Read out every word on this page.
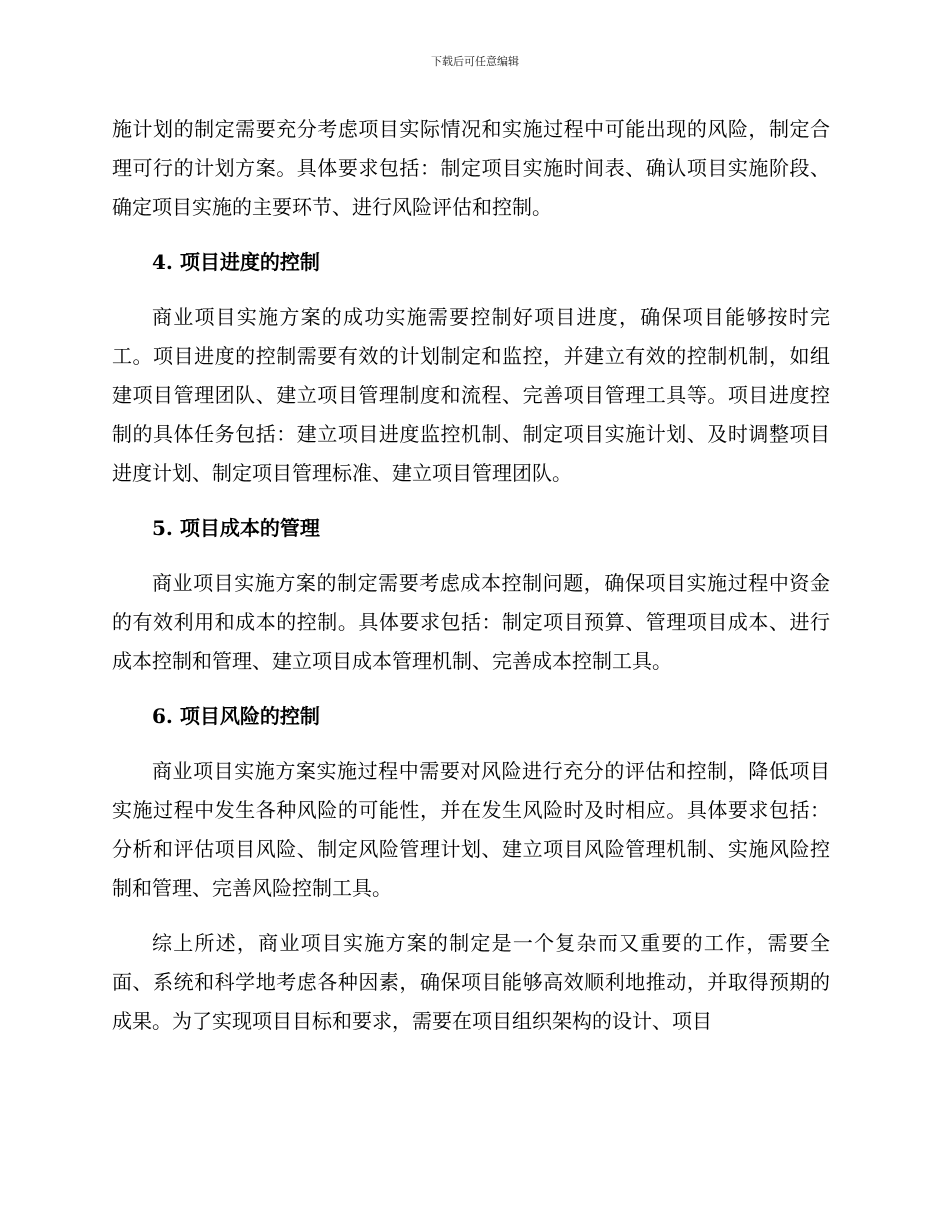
下载后可任意编辑

施计划的制定需要充分考虑项目实际情况和实施过程中可能出现的风险，制定合理可行的计划方案。具体要求包括：制定项目实施时间表、确认项目实施阶段、确定项目实施的主要环节、进行风险评估和控制。

4. 项目进度的控制

商业项目实施方案的成功实施需要控制好项目进度，确保项目能够按时完工。项目进度的控制需要有效的计划制定和监控，并建立有效的控制机制，如组建项目管理团队、建立项目管理制度和流程、完善项目管理工具等。项目进度控制的具体任务包括：建立项目进度监控机制、制定项目实施计划、及时调整项目进度计划、制定项目管理标准、建立项目管理团队。

5. 项目成本的管理

商业项目实施方案的制定需要考虑成本控制问题，确保项目实施过程中资金的有效利用和成本的控制。具体要求包括：制定项目预算、管理项目成本、进行成本控制和管理、建立项目成本管理机制、完善成本控制工具。

6. 项目风险的控制

商业项目实施方案实施过程中需要对风险进行充分的评估和控制，降低项目实施过程中发生各种风险的可能性，并在发生风险时及时相应。具体要求包括：分析和评估项目风险、制定风险管理计划、建立项目风险管理机制、实施风险控制和管理、完善风险控制工具。

综上所述，商业项目实施方案的制定是一个复杂而又重要的工作，需要全面、系统和科学地考虑各种因素，确保项目能够高效顺利地推动，并取得预期的成果。为了实现项目目标和要求，需要在项目组织架构的设计、项目
